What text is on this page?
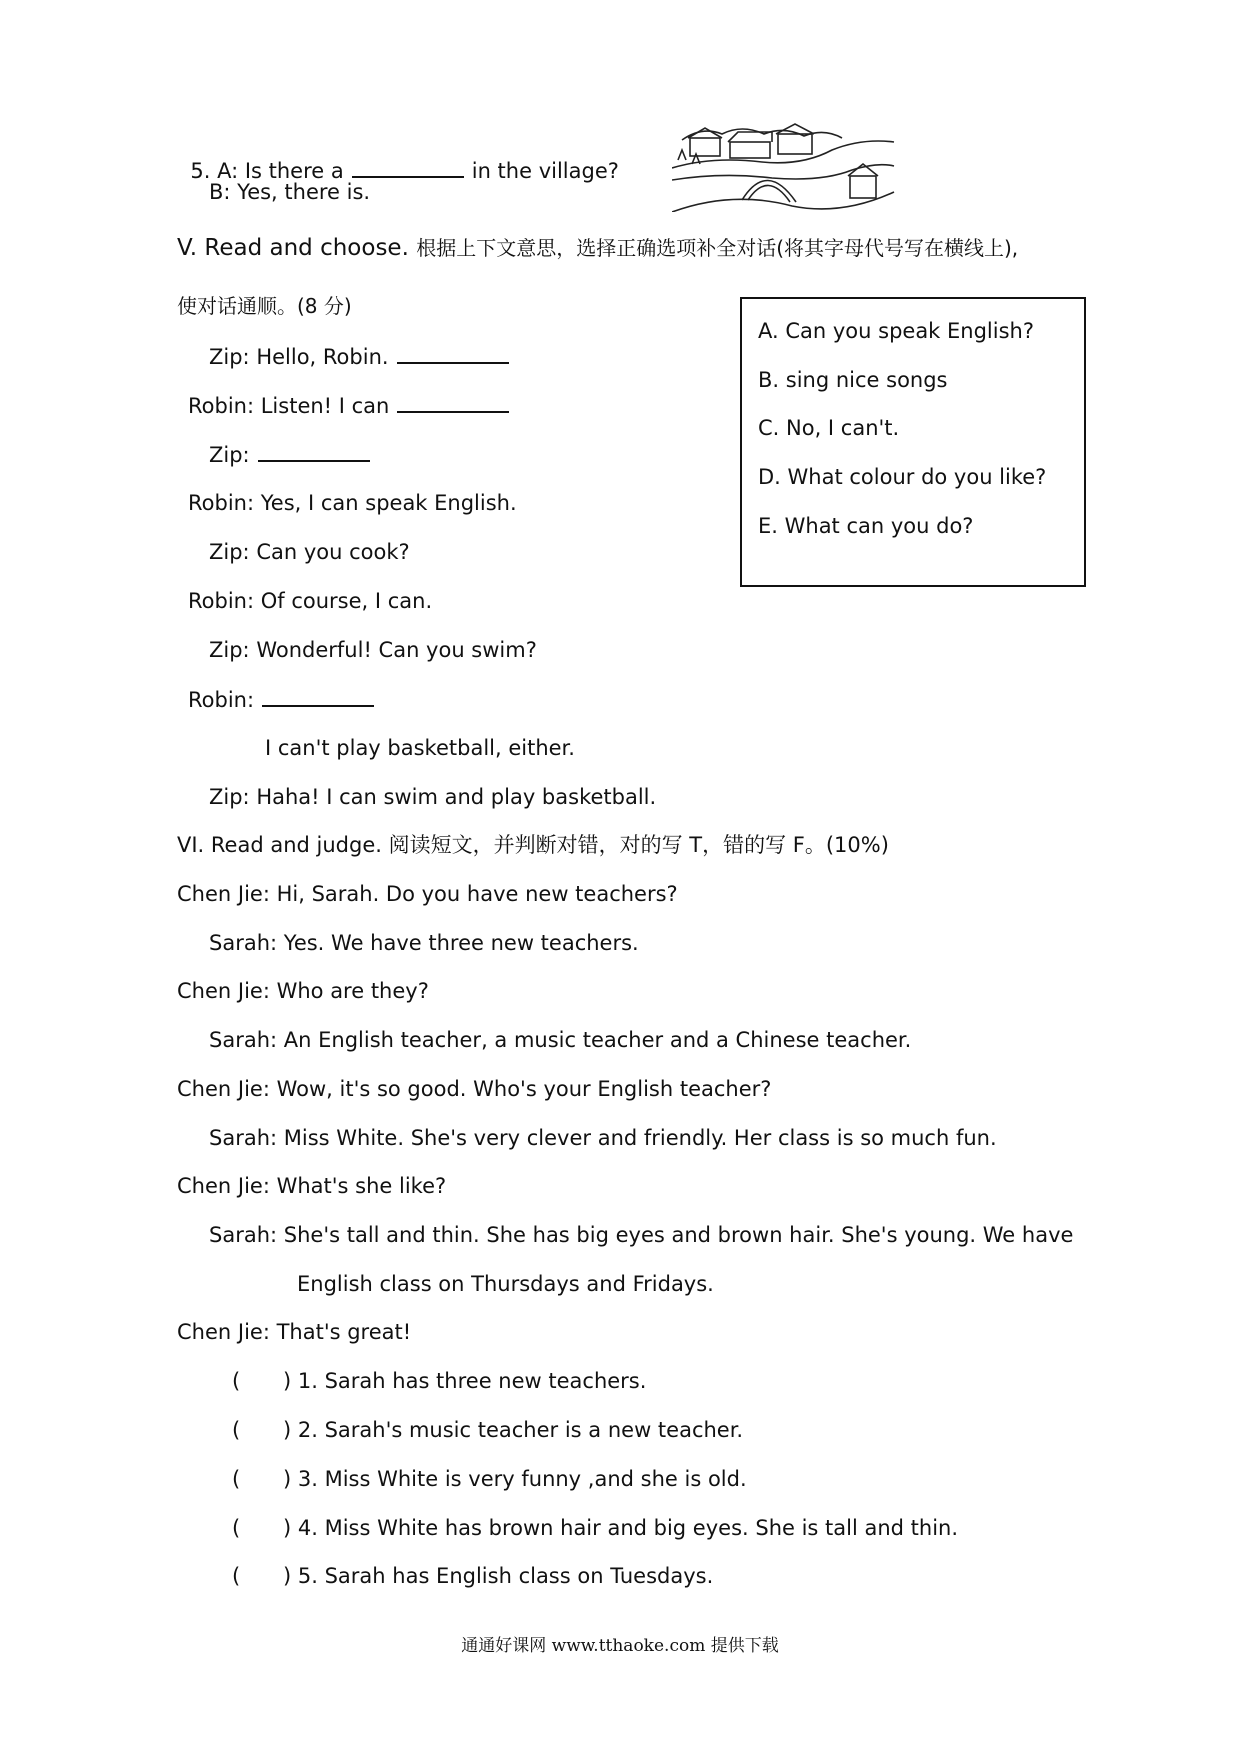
5. A: Is there a	in the village?

B: Yes, there is.
V. Read and choose. 根据上下文意思，选择正确选项补全对话(将其字母代号写在横线上),
使对话通顺。(8 分)
Zip: Hello, Robin.
Robin: Listen! I can
Zip:
Robin: Yes, I can speak English.
Zip: Can you cook?
Robin: Of course, I can.
Zip: Wonderful! Can you swim?
Robin:
I can't play basketball, either.
Zip: Haha! I can swim and play basketball.
A. Can you speak English?
B. sing nice songs
C. No, I can't.
D. What colour do you like?
E. What can you do?
VI. Read and judge. 阅读短文，并判断对错，对的写 T，错的写 F。(10%)
Chen Jie: Hi, Sarah. Do you have new teachers?
Sarah: Yes. We have three new teachers.
Chen Jie: Who are they?
Sarah: An English teacher, a music teacher and a Chinese teacher.
Chen Jie: Wow, it's so good. Who's your English teacher?
Sarah: Miss White. She's very clever and friendly. Her class is so much fun.
Chen Jie: What's she like?
Sarah: She's tall and thin. She has big eyes and brown hair. She's young. We have
English class on Thursdays and Fridays.
Chen Jie: That's great!
( ) 1. Sarah has three new teachers.
( ) 2. Sarah's music teacher is a new teacher.
( ) 3. Miss White is very funny ,and she is old.
( ) 4. Miss White has brown hair and big eyes. She is tall and thin.
( ) 5. Sarah has English class on Tuesdays.
通通好课网 www.tthaoke.com 提供下载
